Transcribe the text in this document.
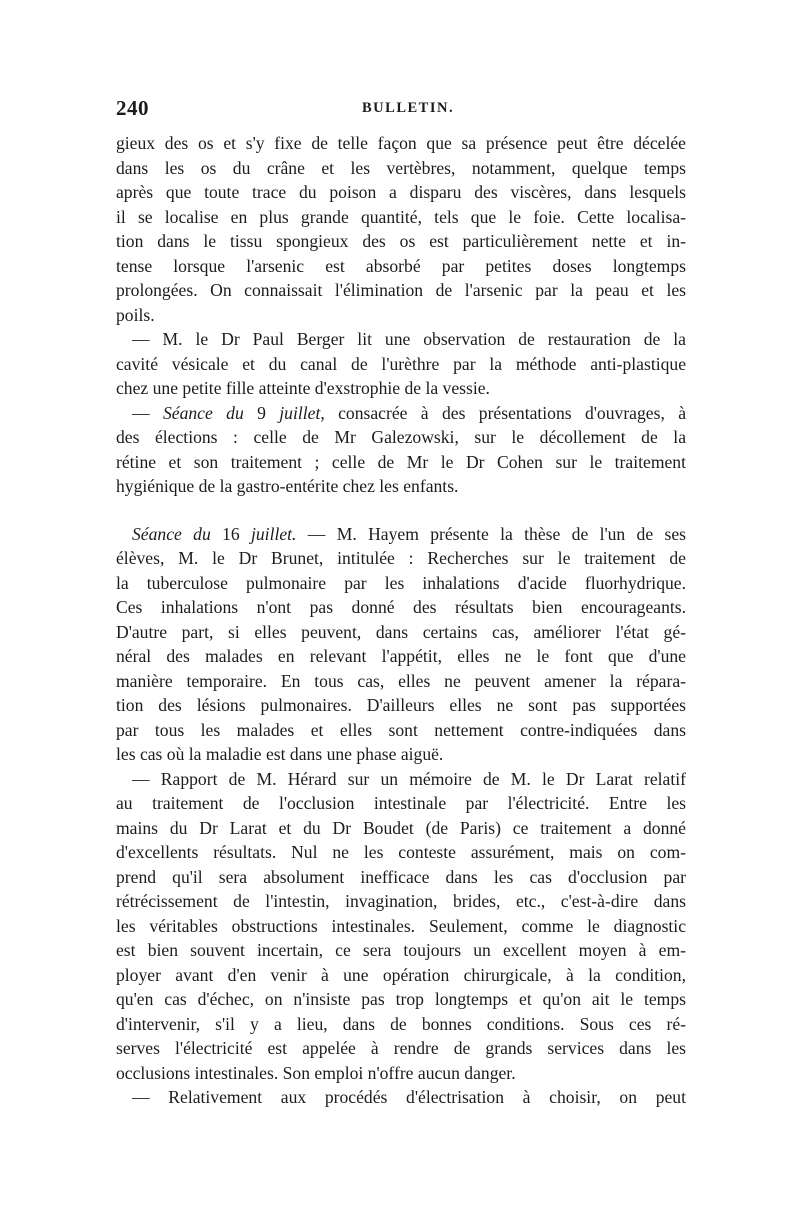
240	BULLETIN.
gieux des os et s'y fixe de telle façon que sa présence peut être décelée
dans les os du crâne et les vertèbres, notamment, quelque temps
après que toute trace du poison a disparu des viscères, dans lesquels
il se localise en plus grande quantité, tels que le foie. Cette localisa-
tion dans le tissu spongieux des os est particulièrement nette et in-
tense lorsque l'arsenic est absorbé par petites doses longtemps
prolongées. On connaissait l'élimination de l'arsenic par la peau et les
poils.
— M. le Dr Paul Berger lit une observation de restauration de la
cavité vésicale et du canal de l'urèthre par la méthode anti-plastique
chez une petite fille atteinte d'exstrophie de la vessie.
— Séance du 9 juillet, consacrée à des présentations d'ouvrages, à
des élections : celle de Mr Galezowski, sur le décollement de la
rétine et son traitement ; celle de Mr le Dr Cohen sur le traitement
hygiénique de la gastro-entérite chez les enfants.
Séance du 16 juillet. — M. Hayem présente la thèse de l'un de ses
élèves, M. le Dr Brunet, intitulée : Recherches sur le traitement de
la tuberculose pulmonaire par les inhalations d'acide fluorhydrique.
Ces inhalations n'ont pas donné des résultats bien encourageants.
D'autre part, si elles peuvent, dans certains cas, améliorer l'état gé-
néral des malades en relevant l'appétit, elles ne le font que d'une
manière temporaire. En tous cas, elles ne peuvent amener la répara-
tion des lésions pulmonaires. D'ailleurs elles ne sont pas supportées
par tous les malades et elles sont nettement contre-indiquées dans
les cas où la maladie est dans une phase aiguë.
— Rapport de M. Hérard sur un mémoire de M. le Dr Larat relatif
au traitement de l'occlusion intestinale par l'électricité. Entre les
mains du Dr Larat et du Dr Boudet (de Paris) ce traitement a donné
d'excellents résultats. Nul ne les conteste assurément, mais on com-
prend qu'il sera absolument inefficace dans les cas d'occlusion par
rétrécissement de l'intestin, invagination, brides, etc., c'est-à-dire dans
les véritables obstructions intestinales. Seulement, comme le diagnostic
est bien souvent incertain, ce sera toujours un excellent moyen à em-
ployer avant d'en venir à une opération chirurgicale, à la condition,
qu'en cas d'échec, on n'insiste pas trop longtemps et qu'on ait le temps
d'intervenir, s'il y a lieu, dans de bonnes conditions. Sous ces ré-
serves l'électricité est appelée à rendre de grands services dans les
occlusions intestinales. Son emploi n'offre aucun danger.
— Relativement aux procédés d'électrisation à choisir, on peut
